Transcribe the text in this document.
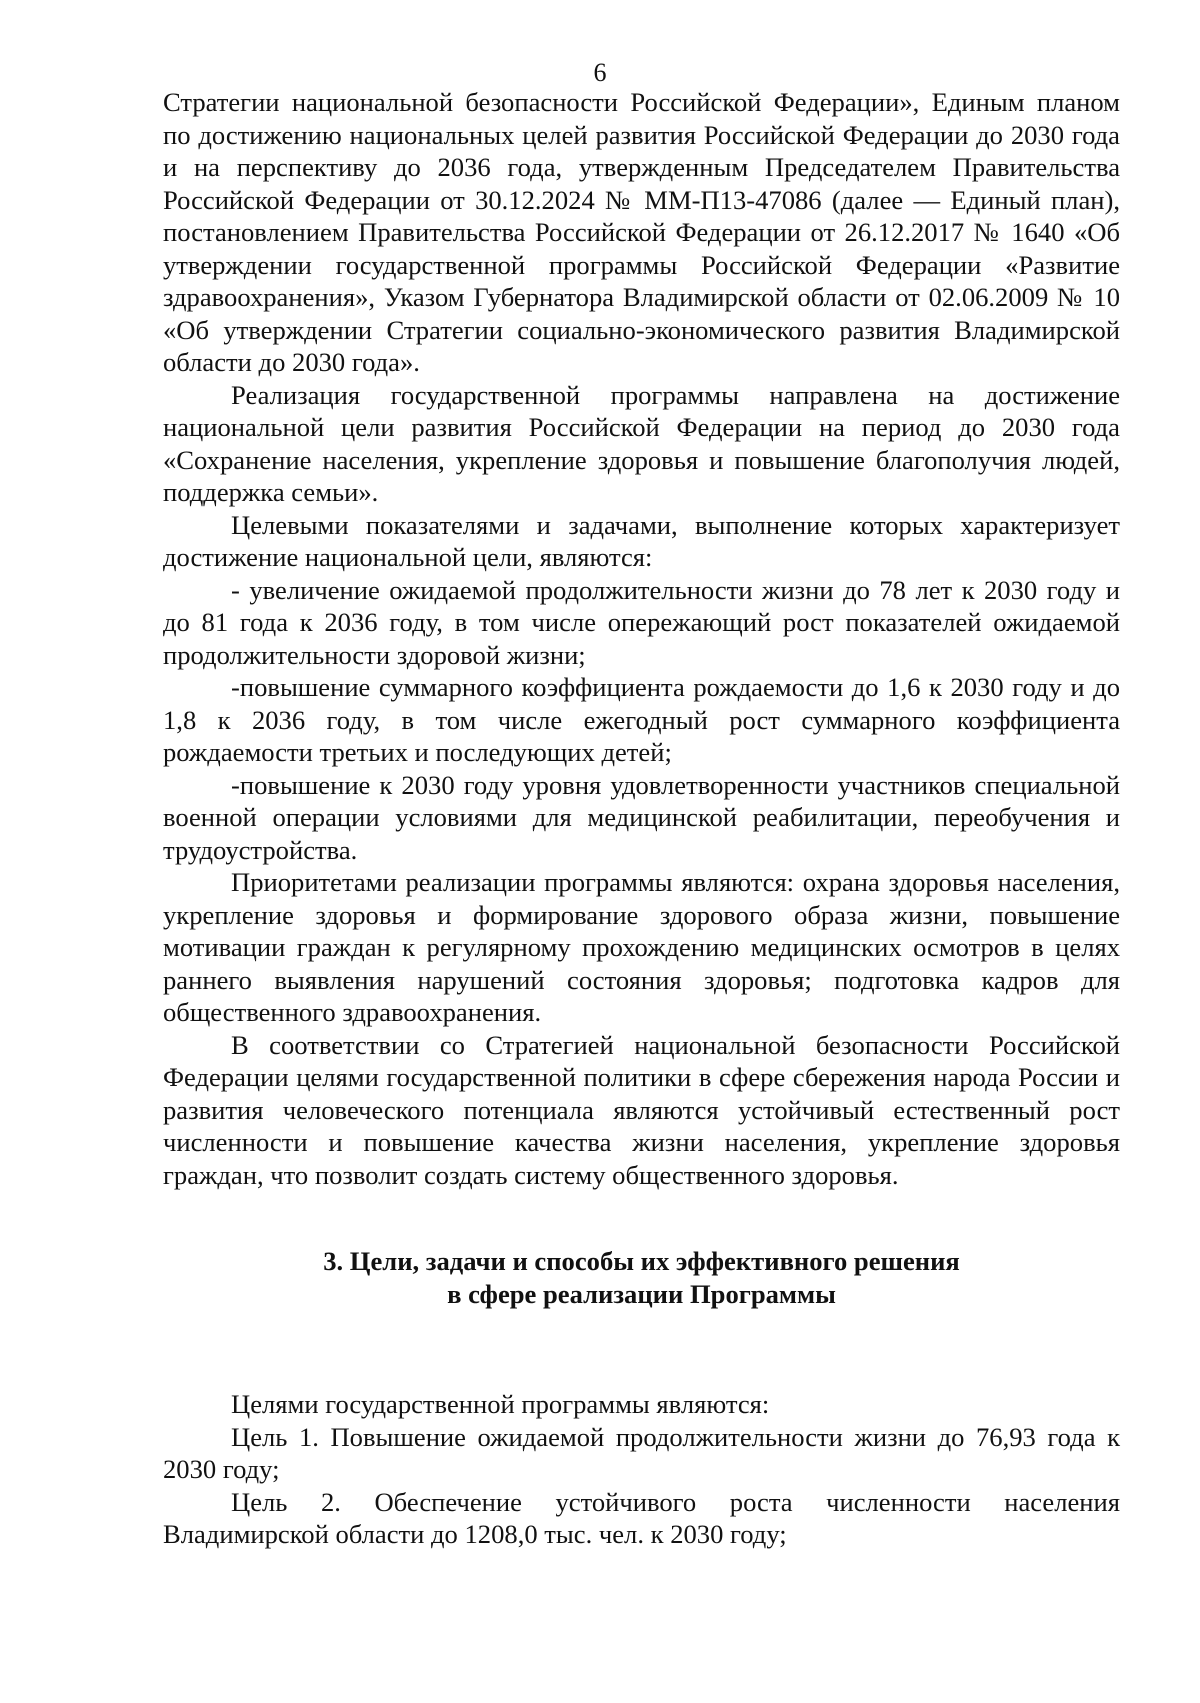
6

Стратегии национальной безопасности Российской Федерации», Единым планом по достижению национальных целей развития Российской Федерации до 2030 года и на перспективу до 2036 года, утвержденным Председателем Правительства Российской Федерации от 30.12.2024 № ММ-П13-47086 (далее — Единый план), постановлением Правительства Российской Федерации от 26.12.2017 № 1640 «Об утверждении государственной программы Российской Федерации «Развитие здравоохранения», Указом Губернатора Владимирской области от 02.06.2009 № 10 «Об утверждении Стратегии социально-экономического развития Владимирской области до 2030 года».

Реализация государственной программы направлена на достижение национальной цели развития Российской Федерации на период до 2030 года «Сохранение населения, укрепление здоровья и повышение благополучия людей, поддержка семьи».

Целевыми показателями и задачами, выполнение которых характеризует достижение национальной цели, являются:

- увеличение ожидаемой продолжительности жизни до 78 лет к 2030 году и до 81 года к 2036 году, в том числе опережающий рост показателей ожидаемой продолжительности здоровой жизни;

-повышение суммарного коэффициента рождаемости до 1,6 к 2030 году и до 1,8 к 2036 году, в том числе ежегодный рост суммарного коэффициента рождаемости третьих и последующих детей;

-повышение к 2030 году уровня удовлетворенности участников специальной военной операции условиями для медицинской реабилитации, переобучения и трудоустройства.

Приоритетами реализации программы являются: охрана здоровья населения, укрепление здоровья и формирование здорового образа жизни, повышение мотивации граждан к регулярному прохождению медицинских осмотров в целях раннего выявления нарушений состояния здоровья; подготовка кадров для общественного здравоохранения.

В соответствии со Стратегией национальной безопасности Российской Федерации целями государственной политики в сфере сбережения народа России и развития человеческого потенциала являются устойчивый естественный рост численности и повышение качества жизни населения, укрепление здоровья граждан, что позволит создать систему общественного здоровья.

3. Цели, задачи и способы их эффективного решения
в сфере реализации Программы

Целями государственной программы являются:

Цель 1. Повышение ожидаемой продолжительности жизни до 76,93 года к 2030 году;

Цель 2. Обеспечение устойчивого роста численности населения Владимирской области до 1208,0 тыс. чел. к 2030 году;
